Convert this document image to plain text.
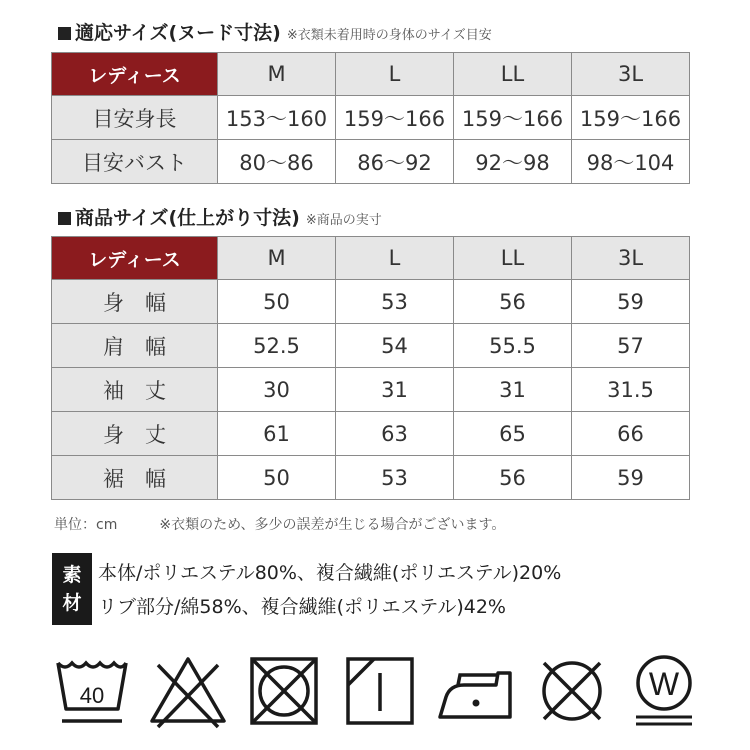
適応サイズ(ヌード寸法) ※衣類未着用時の身体のサイズ目安
レディース	M	L	LL	3L
目安身長	153〜160	159〜166	159〜166	159〜166
目安バスト	80〜86	86〜92	92〜98	98〜104
商品サイズ(仕上がり寸法) ※商品の実寸
レディース	M	L	LL	3L
身　幅	50	53	56	59
肩　幅	52.5	54	55.5	57
袖　丈	30	31	31	31.5
身　丈	61	63	65	66
裾　幅	50	53	56	59
単位：cm	※衣類のため、多少の誤差が生じる場合がございます。
素
材
本体/ポリエステル80%、複合繊維(ポリエステル)20%
リブ部分/綿58%、複合繊維(ポリエステル)42%
40	W
